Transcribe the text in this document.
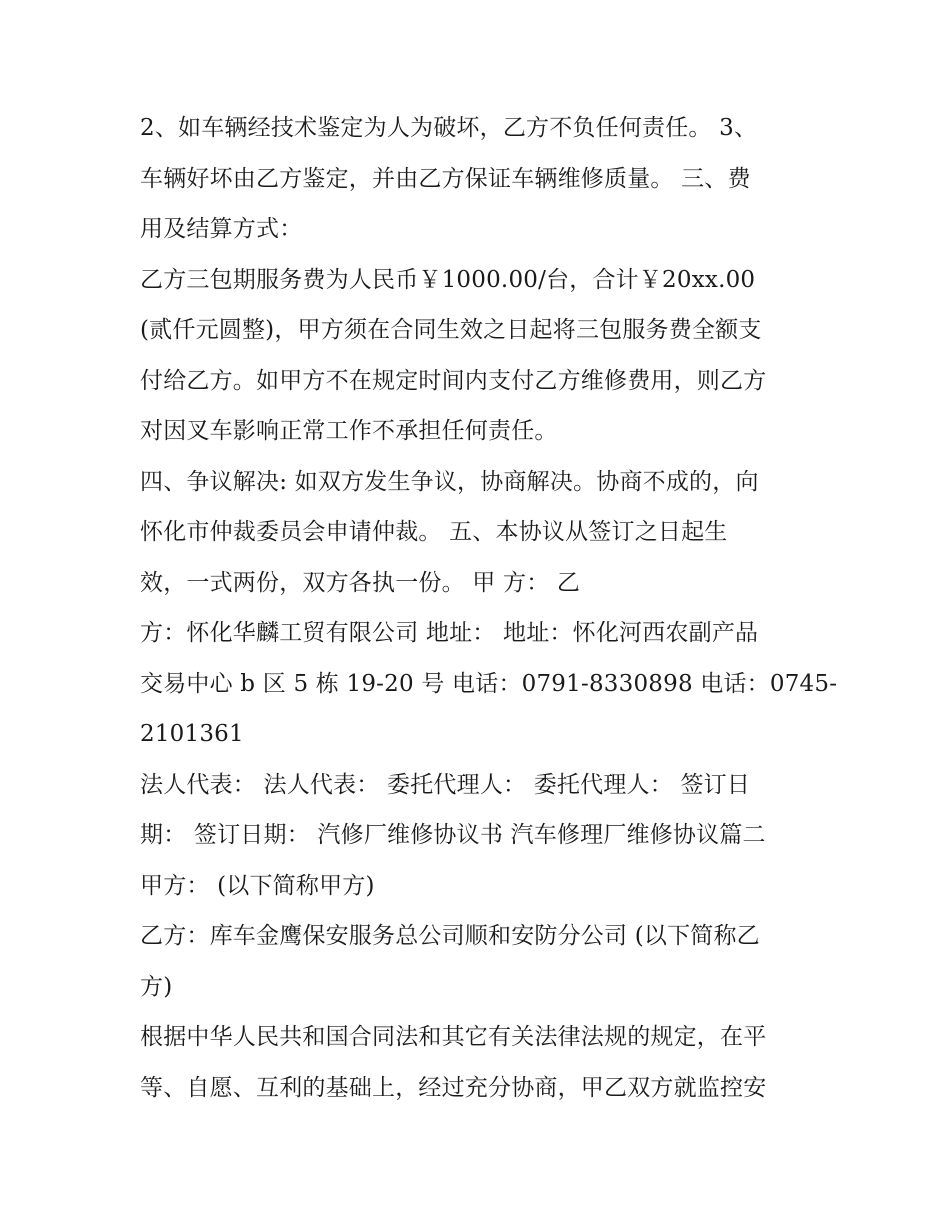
2、如车辆经技术鉴定为人为破坏，乙方不负任何责任。 3、
车辆好坏由乙方鉴定，并由乙方保证车辆维修质量。 三、费
用及结算方式：
乙方三包期服务费为人民币￥1000.00/台，合计￥20xx.00
(贰仟元圆整)，甲方须在合同生效之日起将三包服务费全额支
付给乙方。如甲方不在规定时间内支付乙方维修费用，则乙方
对因叉车影响正常工作不承担任何责任。
四、争议解决: 如双方发生争议，协商解决。协商不成的，向
怀化市仲裁委员会申请仲裁。 五、本协议从签订之日起生
效，一式两份，双方各执一份。 甲 方： 乙
方：怀化华麟工贸有限公司 地址： 地址：怀化河西农副产品
交易中心 b 区 5 栋 19-20 号 电话：0791-8330898 电话：0745-
2101361
法人代表： 法人代表： 委托代理人： 委托代理人： 签订日
期： 签订日期： 汽修厂维修协议书 汽车修理厂维修协议篇二
甲方： (以下简称甲方)
乙方：库车金鹰保安服务总公司顺和安防分公司 (以下简称乙
方)
根据中华人民共和国合同法和其它有关法律法规的规定，在平
等、自愿、互利的基础上，经过充分协商，甲乙双方就监控安
